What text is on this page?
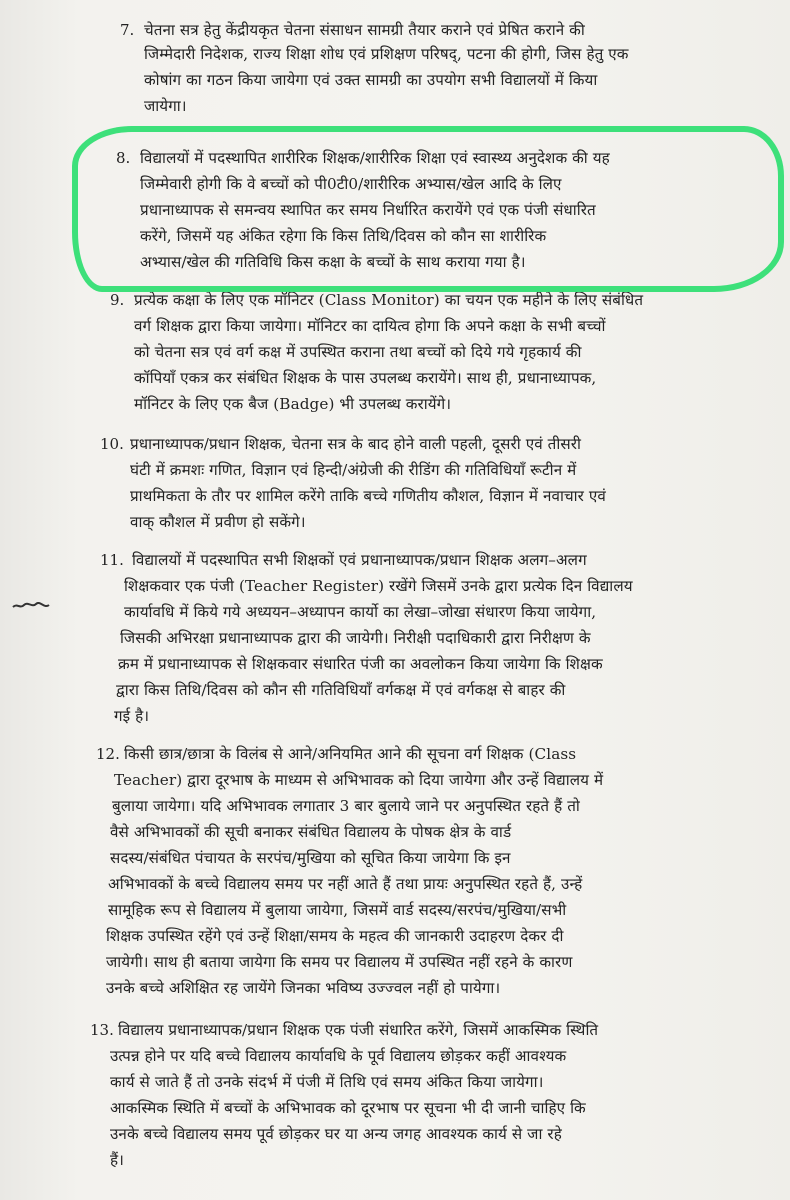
7. चेतना सत्र हेतु केंद्रीयकृत चेतना संसाधन सामग्री तैयार कराने एवं प्रेषित कराने की
जिम्मेदारी निदेशक, राज्य शिक्षा शोध एवं प्रशिक्षण परिषद्, पटना की होगी, जिस हेतु एक
कोषांग का गठन किया जायेगा एवं उक्त सामग्री का उपयोग सभी विद्यालयों में किया
जायेगा।
8. विद्यालयों में पदस्थापित शारीरिक शिक्षक/शारीरिक शिक्षा एवं स्वास्थ्य अनुदेशक की यह
जिम्मेवारी होगी कि वे बच्चों को पी0टी0/शारीरिक अभ्यास/खेल आदि के लिए
प्रधानाध्यापक से समन्वय स्थापित कर समय निर्धारित करायेंगे एवं एक पंजी संधारित
करेंगे, जिसमें यह अंकित रहेगा कि किस तिथि/दिवस को कौन सा शारीरिक
अभ्यास/खेल की गतिविधि किस कक्षा के बच्चों के साथ कराया गया है।
9. प्रत्येक कक्षा के लिए एक मॉनिटर (Class Monitor) का चयन एक महीने के लिए संबंधित
वर्ग शिक्षक द्वारा किया जायेगा। मॉनिटर का दायित्व होगा कि अपने कक्षा के सभी बच्चों
को चेतना सत्र एवं वर्ग कक्ष में उपस्थित कराना तथा बच्चों को दिये गये गृहकार्य की
कॉपियाँ एकत्र कर संबंधित शिक्षक के पास उपलब्ध करायेंगे। साथ ही, प्रधानाध्यापक,
मॉनिटर के लिए एक बैज (Badge) भी उपलब्ध करायेंगे।
10. प्रधानाध्यापक/प्रधान शिक्षक, चेतना सत्र के बाद होने वाली पहली, दूसरी एवं तीसरी
घंटी में क्रमशः गणित, विज्ञान एवं हिन्दी/अंग्रेजी की रीडिंग की गतिविधियाँ रूटीन में
प्राथमिकता के तौर पर शामिल करेंगे ताकि बच्चे गणितीय कौशल, विज्ञान में नवाचार एवं
वाक् कौशल में प्रवीण हो सकेंगे।
11. विद्यालयों में पदस्थापित सभी शिक्षकों एवं प्रधानाध्यापक/प्रधान शिक्षक अलग–अलग
शिक्षकवार एक पंजी (Teacher Register) रखेंगे जिसमें उनके द्वारा प्रत्येक दिन विद्यालय
कार्यावधि में किये गये अध्ययन–अध्यापन कार्यो का लेखा–जोखा संधारण किया जायेगा,
जिसकी अभिरक्षा प्रधानाध्यापक द्वारा की जायेगी। निरीक्षी पदाधिकारी द्वारा निरीक्षण के
क्रम में प्रधानाध्यापक से शिक्षकवार संधारित पंजी का अवलोकन किया जायेगा कि शिक्षक
द्वारा किस तिथि/दिवस को कौन सी गतिविधियाँ वर्गकक्ष में एवं वर्गकक्ष से बाहर की
गई है।
12. किसी छात्र/छात्रा के विलंब से आने/अनियमित आने की सूचना वर्ग शिक्षक (Class
Teacher) द्वारा दूरभाष के माध्यम से अभिभावक को दिया जायेगा और उन्हें विद्यालय में
बुलाया जायेगा। यदि अभिभावक लगातार 3 बार बुलाये जाने पर अनुपस्थित रहते हैं तो
वैसे अभिभावकों की सूची बनाकर संबंधित विद्यालय के पोषक क्षेत्र के वार्ड
सदस्य/संबंधित पंचायत के सरपंच/मुखिया को सूचित किया जायेगा कि इन
अभिभावकों के बच्चे विद्यालय समय पर नहीं आते हैं तथा प्रायः अनुपस्थित रहते हैं, उन्हें
सामूहिक रूप से विद्यालय में बुलाया जायेगा, जिसमें वार्ड सदस्य/सरपंच/मुखिया/सभी
शिक्षक उपस्थित रहेंगे एवं उन्हें शिक्षा/समय के महत्व की जानकारी उदाहरण देकर दी
जायेगी। साथ ही बताया जायेगा कि समय पर विद्यालय में उपस्थित नहीं रहने के कारण
उनके बच्चे अशिक्षित रह जायेंगे जिनका भविष्य उज्ज्वल नहीं हो पायेगा।
13. विद्यालय प्रधानाध्यापक/प्रधान शिक्षक एक पंजी संधारित करेंगे, जिसमें आकस्मिक स्थिति
उत्पन्न होने पर यदि बच्चे विद्यालय कार्यावधि के पूर्व विद्यालय छोड़कर कहीं आवश्यक
कार्य से जाते हैं तो उनके संदर्भ में पंजी में तिथि एवं समय अंकित किया जायेगा।
आकस्मिक स्थिति में बच्चों के अभिभावक को दूरभाष पर सूचना भी दी जानी चाहिए कि
उनके बच्चे विद्यालय समय पूर्व छोड़कर घर या अन्य जगह आवश्यक कार्य से जा रहे
हैं।
